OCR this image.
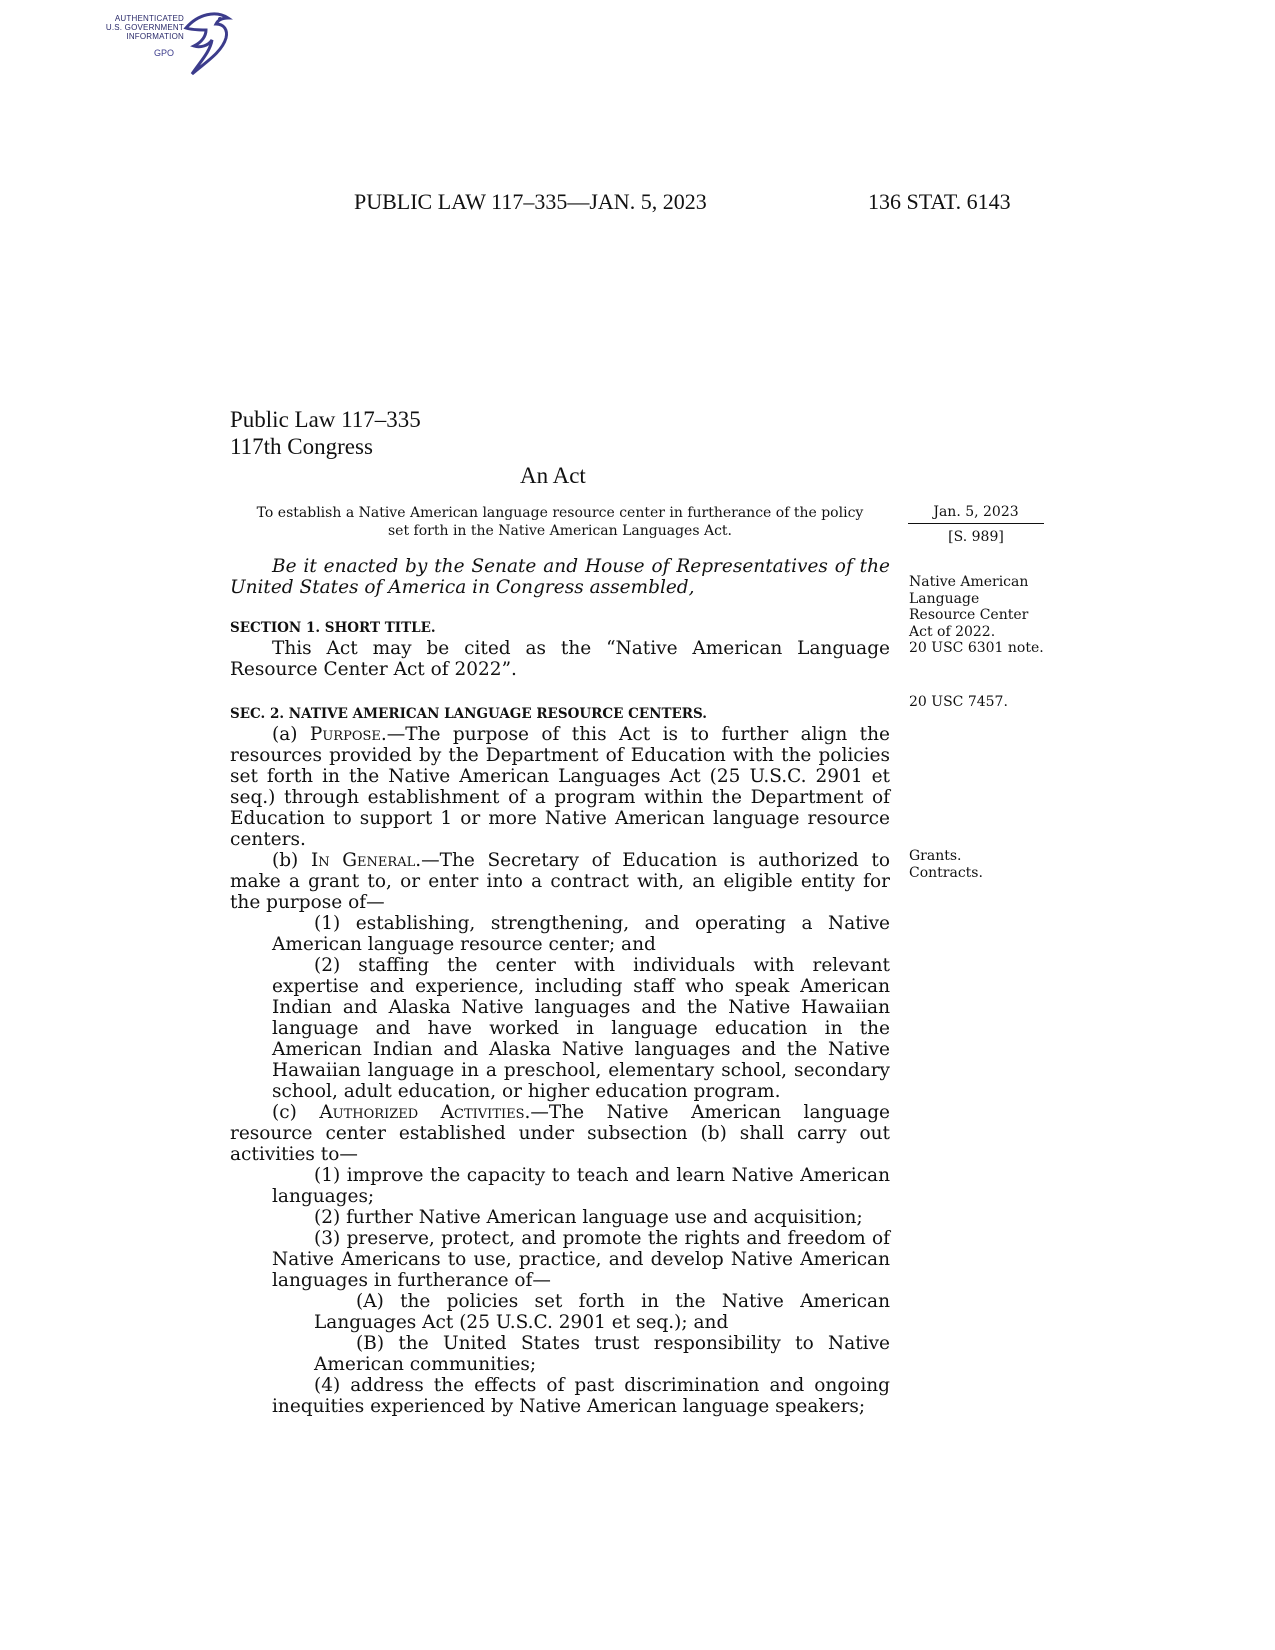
AUTHENTICATED
U.S. GOVERNMENT
INFORMATION
GPO
PUBLIC LAW 117–335—JAN. 5, 2023	136 STAT. 6143
Public Law 117–335
117th Congress
An Act
To establish a Native American language resource center in furtherance of the policy set forth in the Native American Languages Act.
Jan. 5, 2023
[S. 989]

Be it enacted by the Senate and House of Representatives of the United States of America in Congress assembled,

SECTION 1. SHORT TITLE.

This Act may be cited as the “Native American Language Resource Center Act of 2022”.

SEC. 2. NATIVE AMERICAN LANGUAGE RESOURCE CENTERS.

(a) Purpose.—The purpose of this Act is to further align the resources provided by the Department of Education with the policies set forth in the Native American Languages Act (25 U.S.C. 2901 et seq.) through establishment of a program within the Department of Education to support 1 or more Native American language resource centers.

(b) In General.—The Secretary of Education is authorized to make a grant to, or enter into a contract with, an eligible entity for the purpose of—

(1) establishing, strengthening, and operating a Native American language resource center; and

(2) staffing the center with individuals with relevant expertise and experience, including staff who speak American Indian and Alaska Native languages and the Native Hawaiian language and have worked in language education in the American Indian and Alaska Native languages and the Native Hawaiian language in a preschool, elementary school, secondary school, adult education, or higher education program.

(c) Authorized Activities.—The Native American language resource center established under subsection (b) shall carry out activities to—

(1) improve the capacity to teach and learn Native American languages;

(2) further Native American language use and acquisition;

(3) preserve, protect, and promote the rights and freedom of Native Americans to use, practice, and develop Native American languages in furtherance of—

(A) the policies set forth in the Native American Languages Act (25 U.S.C. 2901 et seq.); and

(B) the United States trust responsibility to Native American communities;

(4) address the effects of past discrimination and ongoing inequities experienced by Native American language speakers;

Native American Language Resource Center Act of 2022.
20 USC 6301 note.
20 USC 7457.
Grants.
Contracts.
